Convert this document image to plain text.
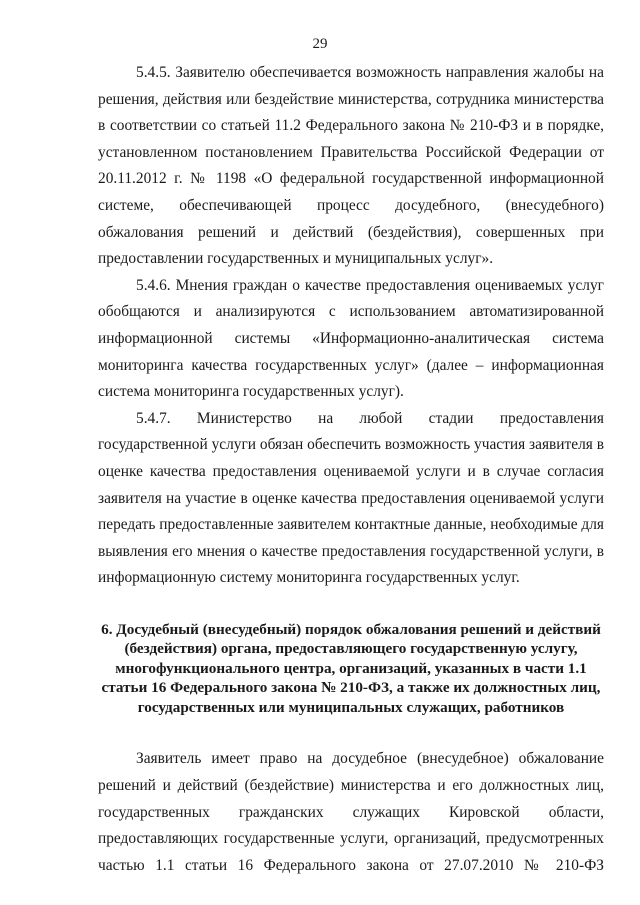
29

5.4.5. Заявителю обеспечивается возможность направления жалобы на решения, действия или бездействие министерства, сотрудника министерства в соответствии со статьей 11.2 Федерального закона № 210-ФЗ и в порядке, установленном постановлением Правительства Российской Федерации от 20.11.2012 г. № 1198 «О федеральной государственной информационной системе, обеспечивающей процесс досудебного, (внесудебного) обжалования решений и действий (бездействия), совершенных при предоставлении государственных и муниципальных услуг».

5.4.6. Мнения граждан о качестве предоставления оцениваемых услуг обобщаются и анализируются с использованием автоматизированной информационной системы «Информационно-аналитическая система мониторинга качества государственных услуг» (далее – информационная система мониторинга государственных услуг).

5.4.7. Министерство на любой стадии предоставления государственной услуги обязан обеспечить возможность участия заявителя в оценке качества предоставления оцениваемой услуги и в случае согласия заявителя на участие в оценке качества предоставления оцениваемой услуги передать предоставленные заявителем контактные данные, необходимые для выявления его мнения о качестве предоставления государственной услуги, в информационную систему мониторинга государственных услуг.

6. Досудебный (внесудебный) порядок обжалования решений и действий (бездействия) органа, предоставляющего государственную услугу, многофункционального центра, организаций, указанных в части 1.1 статьи 16 Федерального закона № 210-ФЗ, а также их должностных лиц, государственных или муниципальных служащих, работников

Заявитель имеет право на досудебное (внесудебное) обжалование решений и действий (бездействие) министерства и его должностных лиц, государственных гражданских служащих Кировской области, предоставляющих государственные услуги, организаций, предусмотренных частью 1.1 статьи 16 Федерального закона от 27.07.2010 № 210-ФЗ
